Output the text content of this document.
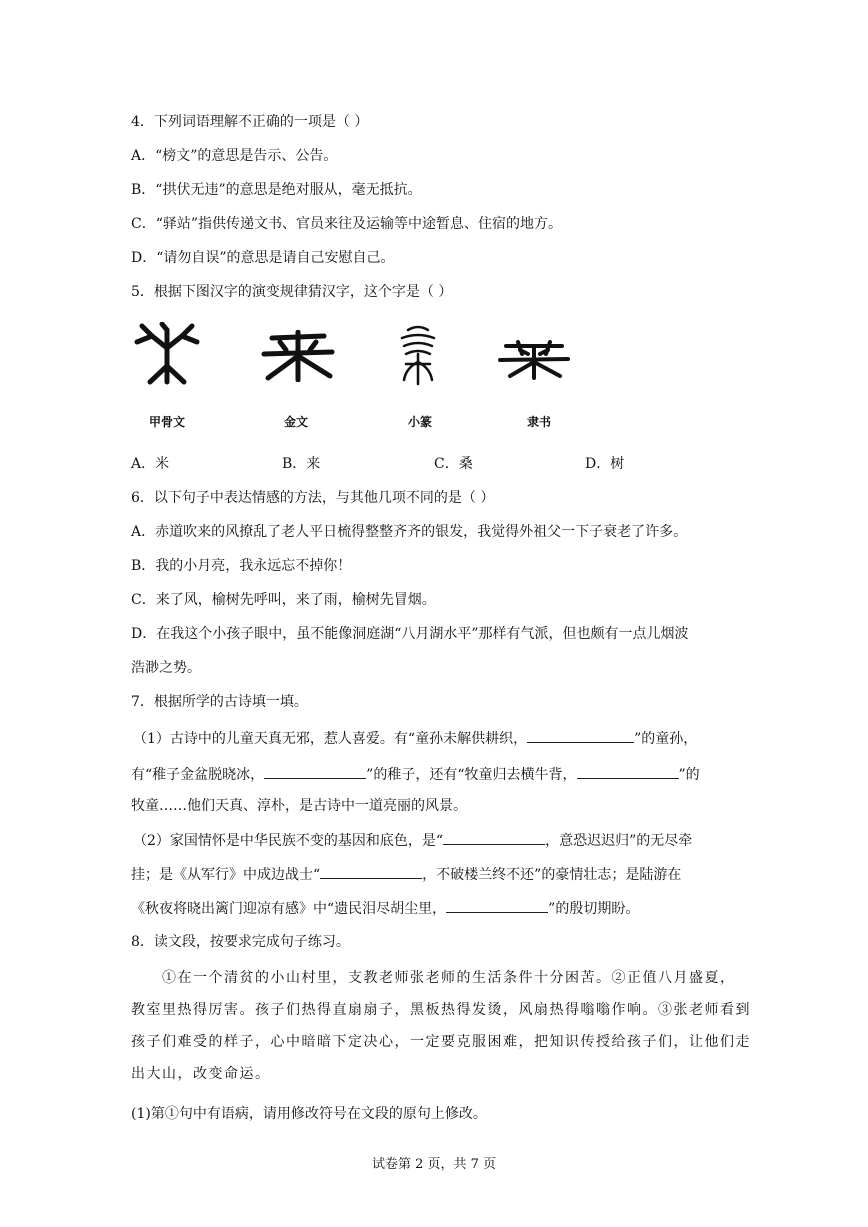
4．下列词语理解不正确的一项是（ ）
A．“榜文”的意思是告示、公告。
B．“拱伏无违”的意思是绝对服从，毫无抵抗。
C．“驿站”指供传递文书、官员来往及运输等中途暂息、住宿的地方。
D．“请勿自误”的意思是请自己安慰自己。
5．根据下图汉字的演变规律猜汉字，这个字是（ ）
甲骨文	金文	小篆	隶书
A．米	B．来	C．桑	D．树
6．以下句子中表达情感的方法，与其他几项不同的是（ ）
A．赤道吹来的风撩乱了老人平日梳得整整齐齐的银发，我觉得外祖父一下子衰老了许多。
B．我的小月亮，我永远忘不掉你！
C．来了风，榆树先呼叫，来了雨，榆树先冒烟。
D．在我这个小孩子眼中，虽不能像洞庭湖“八月湖水平”那样有气派，但也颇有一点儿烟波
浩渺之势。
7．根据所学的古诗填一填。
（1）古诗中的儿童天真无邪，惹人喜爱。有“童孙未解供耕织，	”的童孙，
有“稚子金盆脱晓冰，	”的稚子，还有“牧童归去横牛背，	”的
牧童……他们天真、淳朴，是古诗中一道亮丽的风景。
（2）家国情怀是中华民族不变的基因和底色，是“	，意恐迟迟归”的无尽牵
挂；是《从军行》中成边战士“	，不破楼兰终不还”的豪情壮志；是陆游在
《秋夜将晓出篱门迎凉有感》中“遗民泪尽胡尘里，	”的殷切期盼。
8．读文段，按要求完成句子练习。
　　①在一个清贫的小山村里，支教老师张老师的生活条件十分困苦。②正值八月盛夏，
教室里热得厉害。孩子们热得直扇扇子，黑板热得发烫，风扇热得嗡嗡作响。③张老师看到
孩子们难受的样子，心中暗暗下定决心，一定要克服困难，把知识传授给孩子们，让他们走
出大山，改变命运。
(1)第①句中有语病，请用修改符号在文段的原句上修改。
试卷第 2 页，共 7 页
